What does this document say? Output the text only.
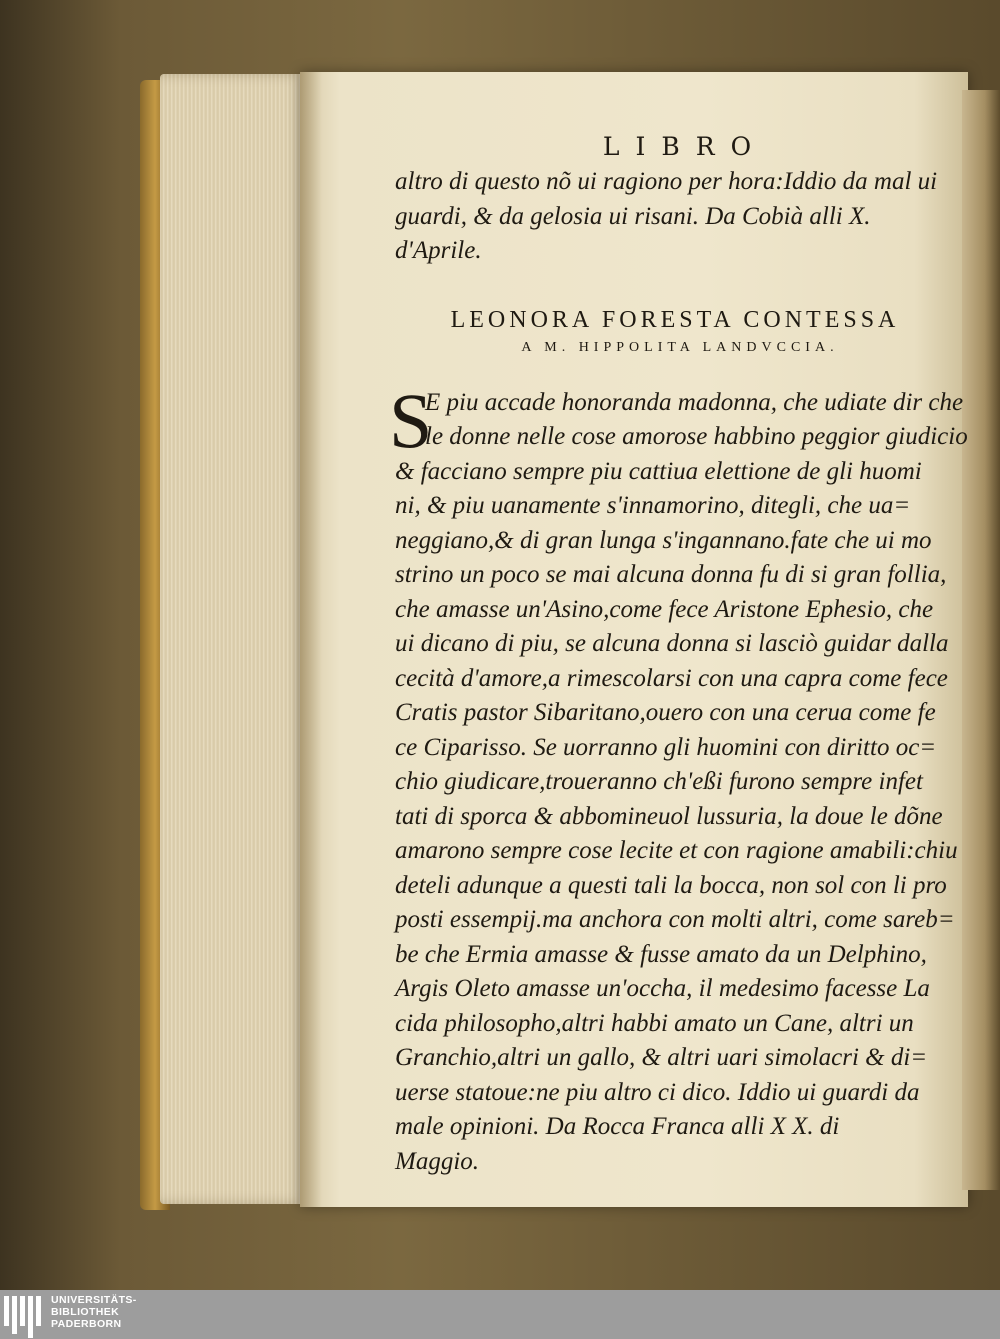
LIBRO
altro di questo nõ ui ragiono per hora:Iddio da mal ui
guardi, & da gelosia ui risani. Da Cobià alli X.
d'Aprile.
LEONORA FORESTA CONTESSA
A M. HIPPOLITA LANDVCCIA.
S
E piu accade honoranda madonna, che udiate dir che
le donne nelle cose amorose habbino peggior giudicio
& facciano sempre piu cattiua elettione de gli huomi
ni, & piu uanamente s'innamorino, ditegli, che ua=
neggiano,& di gran lunga s'ingannano.fate che ui mo
strino un poco se mai alcuna donna fu di si gran follia,
che amasse un'Asino,come fece Aristone Ephesio, che
ui dicano di piu, se alcuna donna si lasciò guidar dalla
cecità d'amore,a rimescolarsi con una capra come fece
Cratis pastor Sibaritano,ouero con una cerua come fe
ce Ciparisso. Se uorranno gli huomini con diritto oc=
chio giudicare,trouerannо ch'eßi furono sempre infet
tati di sporca & abbomineuol lussuria, la doue le dõne
amarono sempre cose lecite et con ragione amabili:chiu
deteli adunque a questi tali la bocca, non sol con li pro
posti essempij.ma anchora con molti altri, come sareb=
be che Ermia amasse & fusse amato da un Delphino,
Argis Oleto amasse un'occha, il medesimo facesse La
cida philosopho,altri habbi amato un Cane, altri un
Granchio,altri un gallo, & altri uari simolacri & di=
uerse statoue:ne piu altro ci dico. Iddio ui guardi da
male opinioni. Da Rocca Franca alli X X. di
Maggio.
UNIVERSITÄTS-
BIBLIOTHEK
PADERBORN
